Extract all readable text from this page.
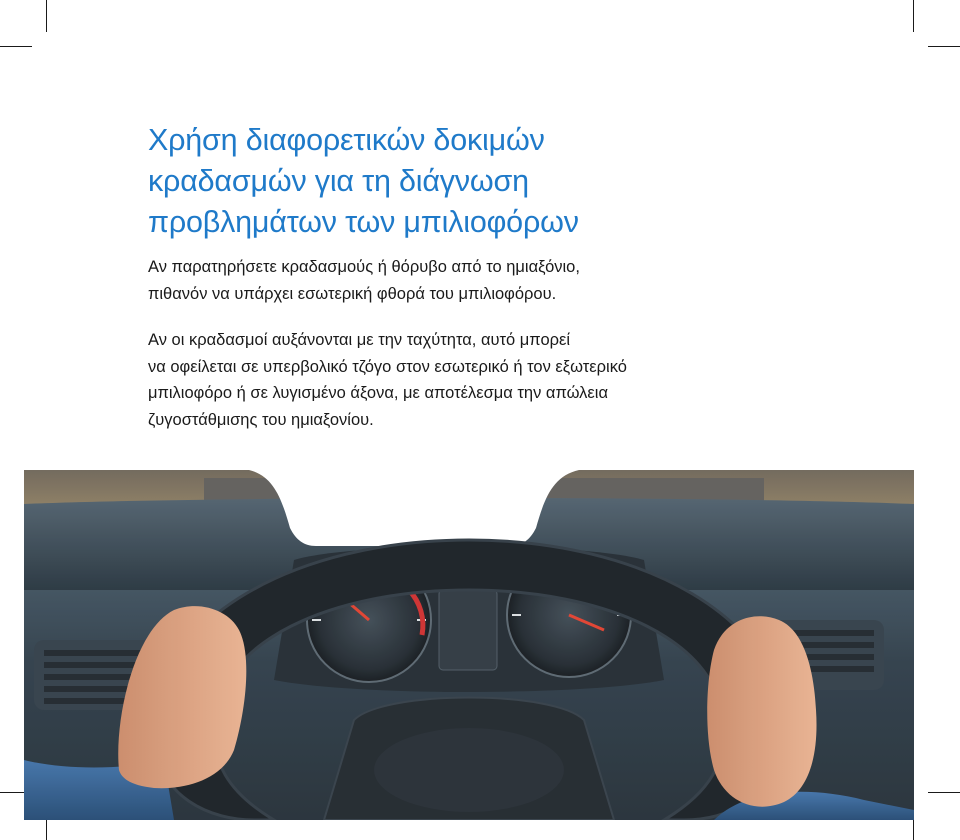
Χρήση διαφορετικών δοκιμών
κραδασμών για τη διάγνωση
προβλημάτων των μπιλιοφόρων

Αν παρατηρήσετε κραδασμούς ή θόρυβο από το ημιαξόνιο,
πιθανόν να υπάρχει εσωτερική φθορά του μπιλιοφόρου.

Αν οι κραδασμοί αυξάνονται με την ταχύτητα, αυτό μπορεί
να οφείλεται σε υπερβολικό τζόγο στον εσωτερικό ή τον εξωτερικό
μπιλιοφόρο ή σε λυγισμένο άξονα, με αποτέλεσμα την απώλεια
ζυγοστάθμισης του ημιαξονίου.
